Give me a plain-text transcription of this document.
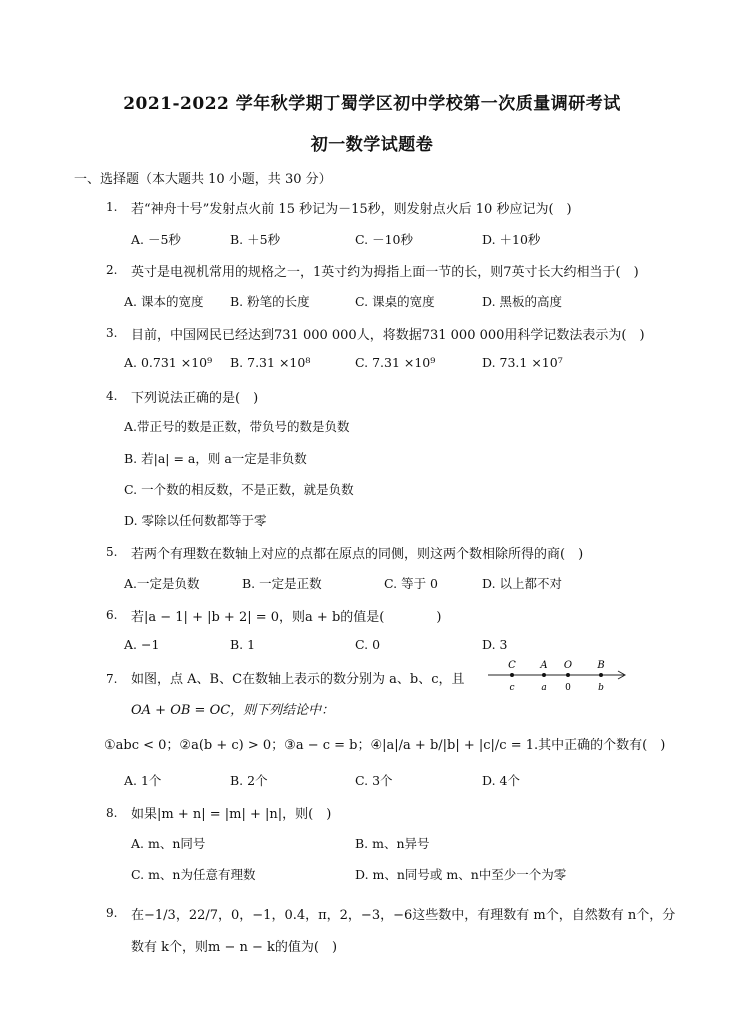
2021-2022 学年秋学期丁蜀学区初中学校第一次质量调研考试
初一数学试题卷
一、选择题（本大题共 10 小题，共 30 分）
1. 若“神舟十号”发射点火前 15 秒记为－15秒，则发射点火后 10 秒应记为(　)
A. －5秒	B. ＋5秒	C. －10秒	D. ＋10秒
2. 英寸是电视机常用的规格之一，1英寸约为拇指上面一节的长，则7英寸长大约相当于(　)
A. 课本的宽度 B. 粉笔的长度	C. 课桌的宽度	D. 黑板的高度
3. 目前，中国网民已经达到731 000 000人，将数据731 000 000用科学记数法表示为(　)
A. 0.731 ×10⁹ B. 7.31 ×10⁸	C. 7.31 ×10⁹	D. 73.1 ×10⁷
4. 下列说法正确的是(　)
A.带正号的数是正数，带负号的数是负数
B. 若|a| = a，则 a一定是非负数
C. 一个数的相反数，不是正数，就是负数
D. 零除以任何数都等于零
5. 若两个有理数在数轴上对应的点都在原点的同侧，则这两个数相除所得的商(　)
A.一定是负数	B. 一定是正数	C. 等于 0	D. 以上都不对
6. 若|a − 1| + |b + 2| = 0，则a + b的值是(　　　　)
A. −1	B. 1	C. 0	D. 3
7. 如图，点 A、B、C在数轴上表示的数分别为 a、b、c，且
OA + OB = OC，则下列结论中：
①abc < 0；②a(b + c) > 0；③a − c = b；④|a|/a + b/|b| + |c|/c = 1.其中正确的个数有(　)
C
c
A
a
O
0
B
b
A. 1个	B. 2个	C. 3个	D. 4个
8. 如果|m + n| = |m| + |n|，则(　)
A. m、n同号	B. m、n异号
C. m、n为任意有理数	D. m、n同号或 m、n中至少一个为零
9. 在−1/3，22/7，0，−1，0.4，π，2，−3，−6这些数中，有理数有 m个，自然数有 n个，分
数有 k个，则m − n − k的值为(　)
